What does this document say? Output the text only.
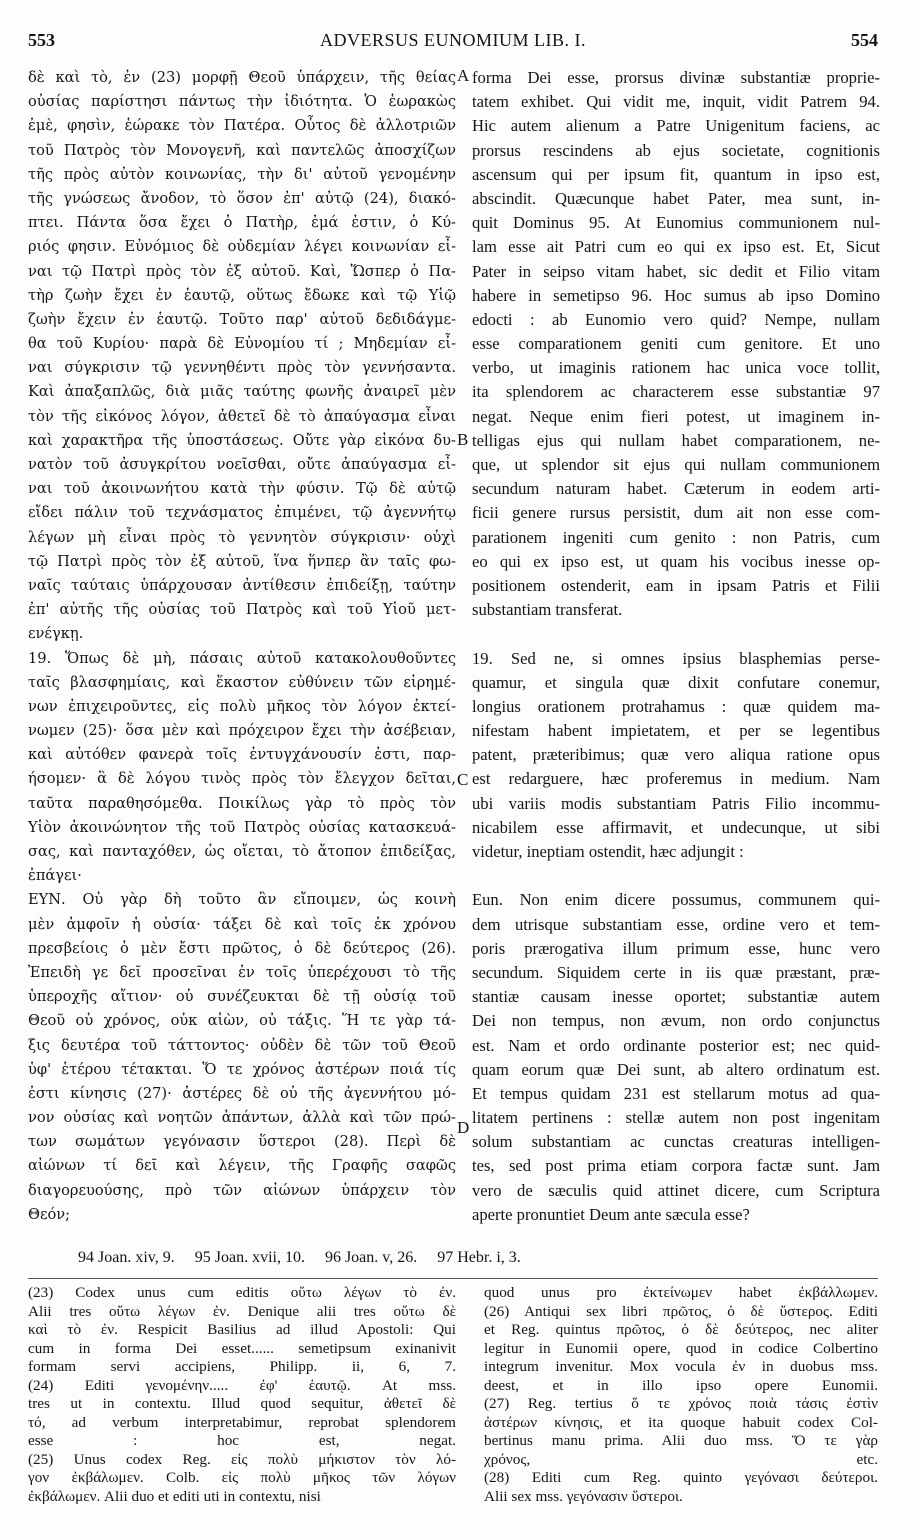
553	ADVERSUS EUNOMIUM LIB. I.	554
δὲ καὶ τὸ, ἐν (23) μορφῇ Θεοῦ ὑπάρχειν, τῆς θείας
οὐσίας παρίστησι πάντως τὴν ἰδιότητα. Ὁ ἑωρακὼς
ἐμὲ, φησὶν, ἑώρακε τὸν Πατέρα. Οὗτος δὲ ἀλλοτριῶν
τοῦ Πατρὸς τὸν Μονογενῆ, καὶ παντελῶς ἀποσχίζων
τῆς πρὸς αὐτὸν κοινωνίας, τὴν δι' αὐτοῦ γενομένην
τῆς γνώσεως ἄνοδον, τὸ ὅσον ἐπ' αὐτῷ (24), διακό-
πτει. Πάντα ὅσα ἔχει ὁ Πατὴρ, ἐμά ἐστιν, ὁ Κύ-
ριός φησιν. Εὐνόμιος δὲ οὐδεμίαν λέγει κοινωνίαν εἶ-
ναι τῷ Πατρὶ πρὸς τὸν ἐξ αὐτοῦ. Καὶ, Ὥσπερ ὁ Πα-
τὴρ ζωὴν ἔχει ἐν ἑαυτῷ, οὕτως ἔδωκε καὶ τῷ Υἱῷ
ζωὴν ἔχειν ἐν ἑαυτῷ. Τοῦτο παρ' αὐτοῦ δεδιδάγμε-
θα τοῦ Κυρίου· παρὰ δὲ Εὐνομίου τί ; Μηδεμίαν εἶ-
ναι σύγκρισιν τῷ γεννηθέντι πρὸς τὸν γεννήσαντα.
Καὶ ἀπαξαπλῶς, διὰ μιᾶς ταύτης φωνῆς ἀναιρεῖ μὲν
τὸν τῆς εἰκόνος λόγον, ἀθετεῖ δὲ τὸ ἀπαύγασμα εἶναι
καὶ χαρακτῆρα τῆς ὑποστάσεως. Οὔτε γὰρ εἰκόνα δυ-
νατὸν τοῦ ἀσυγκρίτου νοεῖσθαι, οὔτε ἀπαύγασμα εἶ-
ναι τοῦ ἀκοινωνήτου κατὰ τὴν φύσιν. Τῷ δὲ αὐτῷ
εἴδει πάλιν τοῦ τεχνάσματος ἐπιμένει, τῷ ἀγεννήτῳ
λέγων μὴ εἶναι πρὸς τὸ γεννητὸν σύγκρισιν· οὐχὶ
τῷ Πατρὶ πρὸς τὸν ἐξ αὐτοῦ, ἵνα ἥνπερ ἂν ταῖς φω-
ναῖς ταύταις ὑπάρχουσαν ἀντίθεσιν ἐπιδείξῃ, ταύτην
ἐπ' αὐτῆς τῆς οὐσίας τοῦ Πατρὸς καὶ τοῦ Υἱοῦ μετ-
ενέγκῃ.
19. Ὅπως δὲ μὴ, πάσαις αὐτοῦ κατακολουθοῦντες
ταῖς βλασφημίαις, καὶ ἕκαστον εὐθύνειν τῶν εἰρημέ-
νων ἐπιχειροῦντες, εἰς πολὺ μῆκος τὸν λόγον ἐκτεί-
νωμεν (25)· ὅσα μὲν καὶ πρόχειρον ἔχει τὴν ἀσέβειαν,
καὶ αὐτόθεν φανερὰ τοῖς ἐντυγχάνουσίν ἐστι, παρ-
ήσομεν· ἃ δὲ λόγου τινὸς πρὸς τὸν ἔλεγχον δεῖται,
ταῦτα παραθησόμεθα. Ποικίλως γὰρ τὸ πρὸς τὸν
Υἱὸν ἀκοινώνητον τῆς τοῦ Πατρὸς οὐσίας κατασκευά-
σας, καὶ πανταχόθεν, ὡς οἴεται, τὸ ἄτοπον ἐπιδείξας,
ἐπάγει·
ΕΥΝ. Οὐ γὰρ δὴ τοῦτο ἂν εἴποιμεν, ὡς κοινὴ
μὲν ἀμφοῖν ἡ οὐσία· τάξει δὲ καὶ τοῖς ἐκ χρόνου
πρεσβείοις ὁ μὲν ἔστι πρῶτος, ὁ δὲ δεύτερος (26).
Ἐπειδὴ γε δεῖ προσεῖναι ἐν τοῖς ὑπερέχουσι τὸ τῆς
ὑπεροχῆς αἴτιον· οὐ συνέζευκται δὲ τῇ οὐσίᾳ τοῦ
Θεοῦ οὐ χρόνος, οὐκ αἰὼν, οὐ τάξις. Ἥ τε γὰρ τά-
ξις δευτέρα τοῦ τάττοντος· οὐδὲν δὲ τῶν τοῦ Θεοῦ
ὑφ' ἑτέρου τέτακται. Ὅ τε χρόνος ἀστέρων ποιά τίς
ἐστι κίνησις (27)· ἀστέρες δὲ οὐ τῆς ἀγεννήτου μό-
νον οὐσίας καὶ νοητῶν ἁπάντων, ἀλλὰ καὶ τῶν πρώ-
των σωμάτων γεγόνασιν ὕστεροι (28). Περὶ δὲ
αἰώνων τί δεῖ καὶ λέγειν, τῆς Γραφῆς σαφῶς
διαγορευούσης, πρὸ τῶν αἰώνων ὑπάρχειν τὸν
Θεόν;
forma Dei esse, prorsus divinæ substantiæ proprie-
tatem exhibet. Qui vidit me, inquit, vidit Patrem 94.
Hic autem alienum a Patre Unigenitum faciens, ac
prorsus rescindens ab ejus societate, cognitionis
ascensum qui per ipsum fit, quantum in ipso est,
abscindit. Quæcunque habet Pater, mea sunt, in-
quit Dominus 95. At Eunomius communionem nul-
lam esse ait Patri cum eo qui ex ipso est. Et, Sicut
Pater in seipso vitam habet, sic dedit et Filio vitam
habere in semetipso 96. Hoc sumus ab ipso Domino
edocti : ab Eunomio vero quid? Nempe, nullam
esse comparationem geniti cum genitore. Et uno
verbo, ut imaginis rationem hac unica voce tollit,
ita splendorem ac characterem esse substantiæ 97
negat. Neque enim fieri potest, ut imaginem in-
telligas ejus qui nullam habet comparationem, ne-
que, ut splendor sit ejus qui nullam communionem
secundum naturam habet. Cæterum in eodem arti-
ficii genere rursus persistit, dum ait non esse com-
parationem ingeniti cum genito : non Patris, cum
eo qui ex ipso est, ut quam his vocibus inesse op-
positionem ostenderit, eam in ipsam Patris et Filii
substantiam transferat.
19. Sed ne, si omnes ipsius blasphemias perse-
quamur, et singula quæ dixit confutare conemur,
longius orationem protrahamus : quæ quidem ma-
nifestam habent impietatem, et per se legentibus
patent, præteribimus; quæ vero aliqua ratione opus
est redarguere, hæc proferemus in medium. Nam
ubi variis modis substantiam Patris Filio incommu-
nicabilem esse affirmavit, et undecunque, ut sibi
videtur, ineptiam ostendit, hæc adjungit :
Eun. Non enim dicere possumus, communem qui-
dem utrisque substantiam esse, ordine vero et tem-
poris prærogativa illum primum esse, hunc vero
secundum. Siquidem certe in iis quæ præstant, præ-
stantiæ causam inesse oportet; substantiæ autem
Dei non tempus, non ævum, non ordo conjunctus
est. Nam et ordo ordinante posterior est; nec quid-
quam eorum quæ Dei sunt, ab altero ordinatum est.
Et tempus quidam 231 est stellarum motus ad qua-
litatem pertinens : stellæ autem non post ingenitam
solum substantiam ac cunctas creaturas intelligen-
tes, sed post prima etiam corpora factæ sunt. Jam
vero de sæculis quid attinet dicere, cum Scriptura
aperte pronuntiet Deum ante sæcula esse?
A
B
C
D
94 Joan. xiv, 9. 95 Joan. xvii, 10. 96 Joan. v, 26. 97 Hebr. i, 3.
(23) Codex unus cum editis οὕτω λέγων τὸ ἐν.
Alii tres οὕτω λέγων ἐν. Denique alii tres οὕτω δὲ
καὶ τὸ ἐν. Respicit Basilius ad illud Apostoli: Qui
cum in forma Dei esset...... semetipsum exinanivit
formam servi accipiens, Philipp. ii, 6, 7.
(24) Editi γενομένην..... ἐφ' ἑαυτῷ. At mss.
tres ut in contextu. Illud quod sequitur, ἀθετεῖ δὲ
τό, ad verbum interpretabimur, reprobat splendorem
esse : hoc est, negat.
(25) Unus codex Reg. εἰς πολὺ μήκιστον τὸν λό-
γον ἐκβάλωμεν. Colb. εἰς πολὺ μῆκος τῶν λόγων
ἐκβάλωμεν. Alii duo et editi uti in contextu, nisi
quod unus pro ἐκτείνωμεν habet ἐκβάλλωμεν.
(26) Antiqui sex libri πρῶτος, ὁ δὲ ὕστερος. Editi
et Reg. quintus πρῶτος, ὁ δὲ δεύτερος, nec aliter
legitur in Eunomii opere, quod in codice Colbertino
integrum invenitur. Mox vocula ἐν in duobus mss.
deest, et in illo ipso opere Eunomii.
(27) Reg. tertius ὅ τε χρόνος ποιὰ τάσις ἐστὶν
ἀστέρων κίνησις, et ita quoque habuit codex Col-
bertinus manu prima. Alii duo mss. Ὅ τε γὰρ
χρόνος, etc.
(28) Editi cum Reg. quinto γεγόνασι δεύτεροι.
Alii sex mss. γεγόνασιν ὕστεροι.
